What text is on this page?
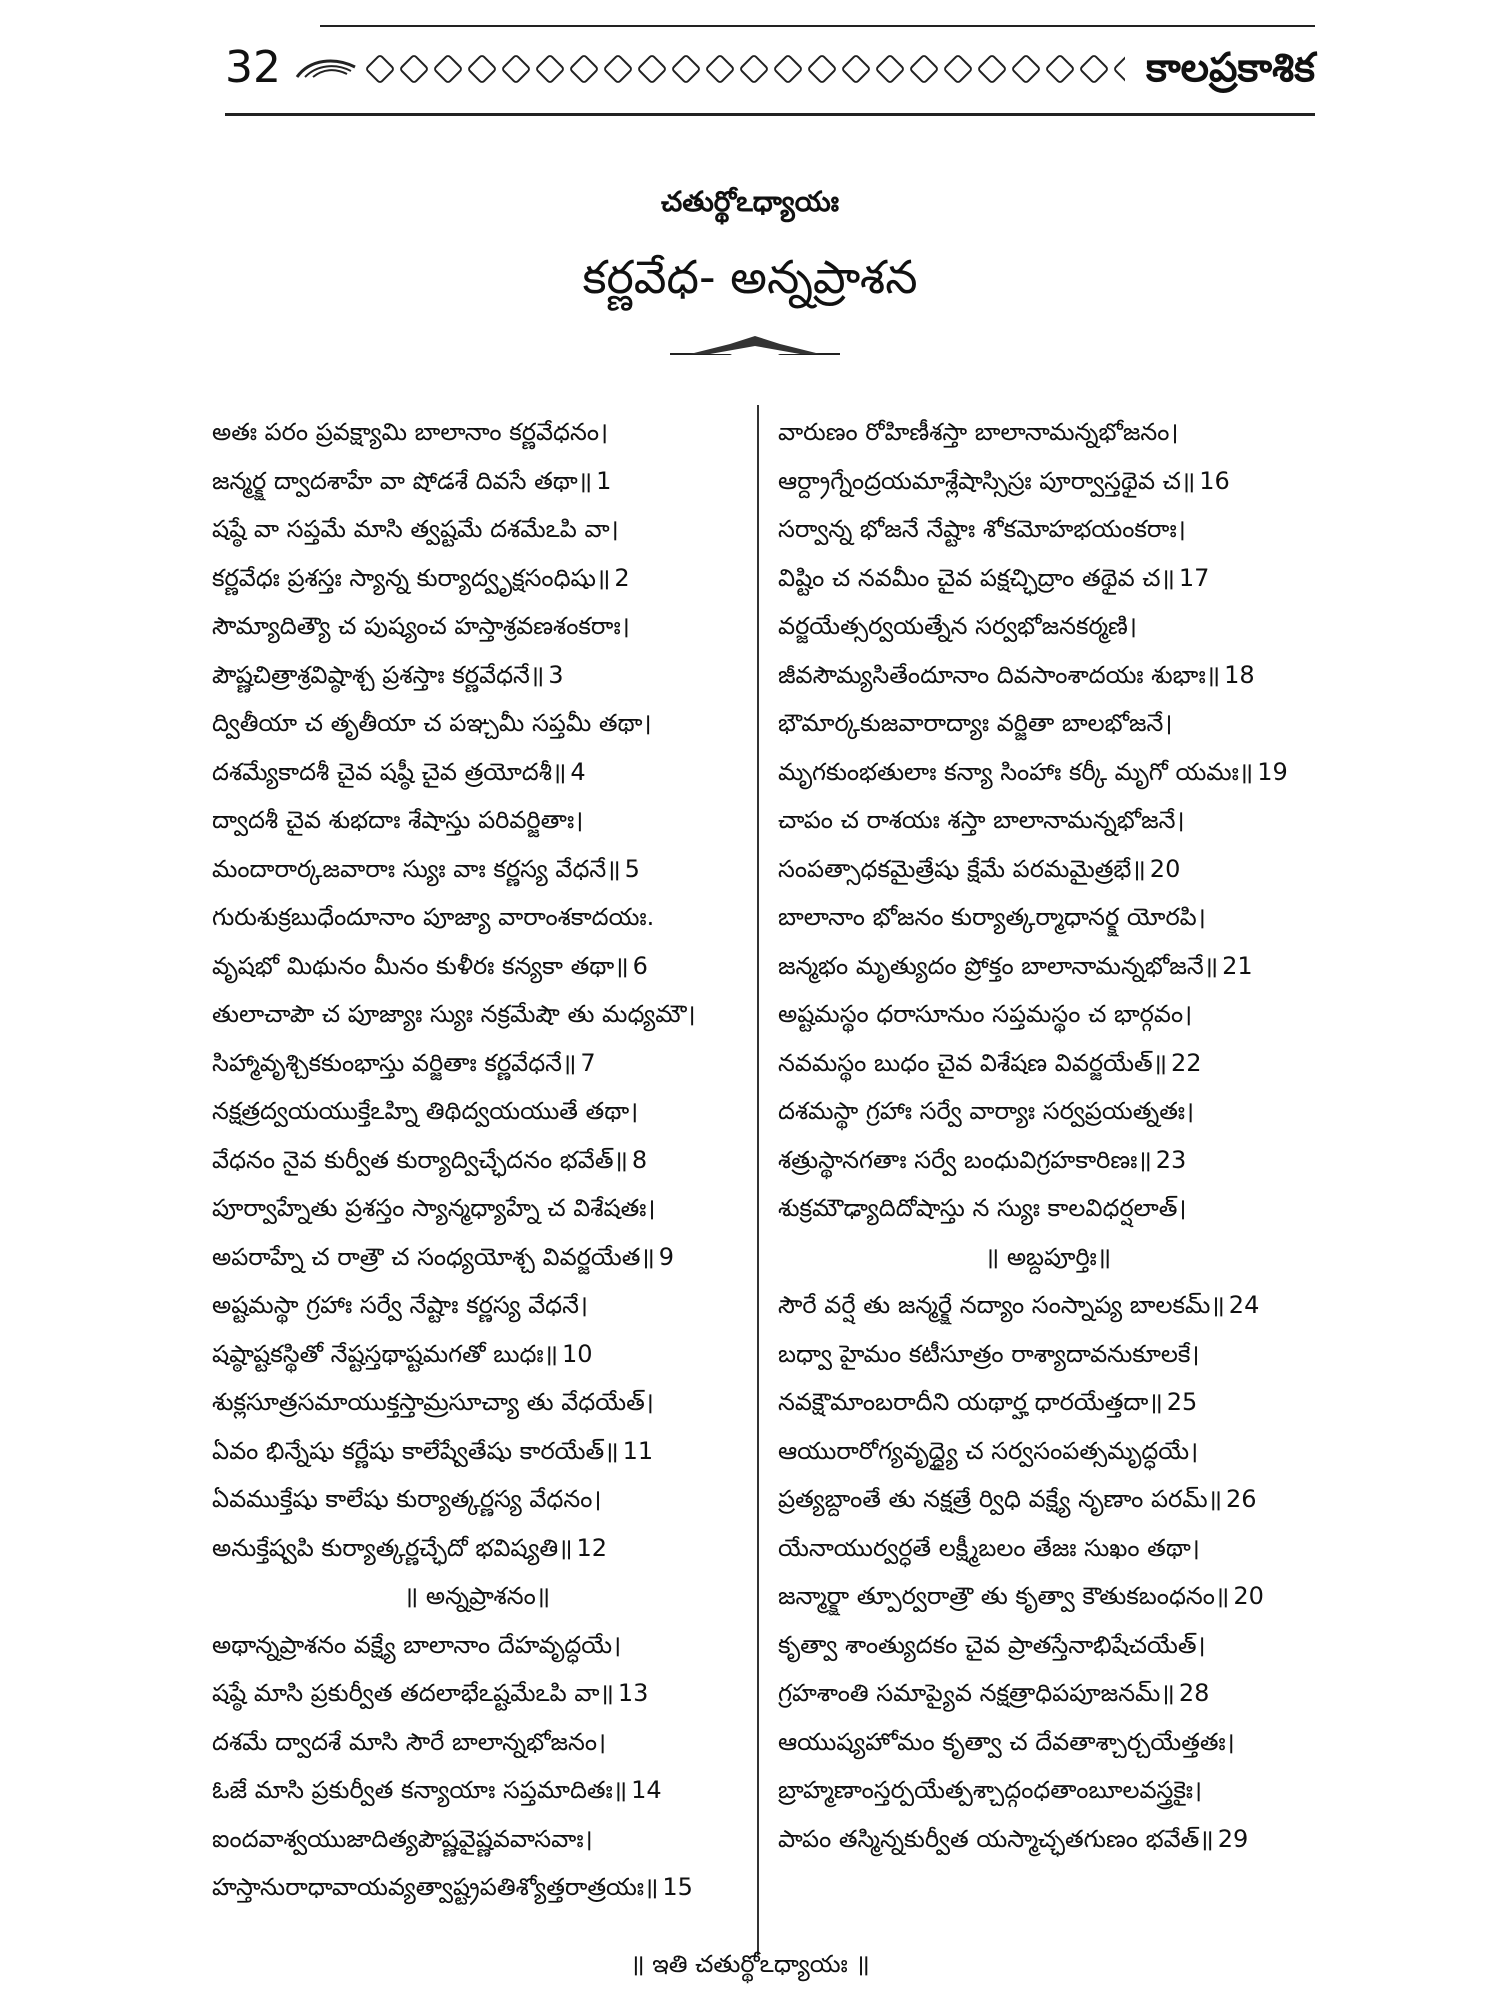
32	కాలప్రకాశిక
చతుర్థోఽధ్యాయః
కర్ణవేధ- అన్నప్రాశన
అతః పరం ప్రవక్ష్యామి బాలానాం కర్ణవేధనం।
జన్మర్క్ష ద్వాదశాహే వా షోడశే దివసే తథా॥ 1
షష్ఠే వా సప్తమే మాసి త్వష్టమే దశమేఽపి వా।
కర్ణవేధః ప్రశస్తః స్యాన్న కుర్యాద్వృక్షసంధిషు॥ 2
సౌమ్యాదిత్యౌ చ పుష్యంచ హస్తాశ్రవణశంకరాః।
పౌష్ణచిత్రాశ్రవిష్ఠాశ్చ ప్రశస్తాః కర్ణవేధనే॥ 3
ద్వితీయా చ తృతీయా చ పఞ్చమీ సప్తమీ తథా।
దశమ్యేకాదశీ చైవ షష్ఠీ చైవ త్రయోదశీ॥ 4
ద్వాదశీ చైవ శుభదాః శేషాస్తు పరివర్జితాః।
మందారార్కజవారాః స్యుః వాః కర్ణస్య వేధనే॥ 5
గురుశుక్రబుధేందూనాం పూజ్యా వారాంశకాదయః.
వృషభో మిథునం మీనం కుళీరః కన్యకా తథా॥ 6
తులాచాపౌ చ పూజ్యాః స్యుః నక్రమేషౌ తు మధ్యమౌ।
సిహ్మావృశ్చికకుంభాస్తు వర్జితాః కర్ణవేధనే॥ 7
నక్షత్రద్వయయుక్తేఽహ్ని తిథిద్వయయుతే తథా।
వేధనం నైవ కుర్వీత కుర్యాద్విచ్ఛేదనం భవేత్॥ 8
పూర్వాహ్నేతు ప్రశస్తం స్యాన్మధ్యాహ్నే చ విశేషతః।
అపరాహ్నే చ రాత్రౌ చ సంధ్యయోశ్చ వివర్జయేత॥ 9
అష్టమస్థా గ్రహాః సర్వే నేష్టాః కర్ణస్య వేధనే।
షష్ఠాష్టకస్థితో నేష్టస్తథాష్టమగతో బుధః॥ 10
శుక్లసూత్రసమాయుక్తస్తామ్రసూచ్యా తు వేధయేత్।
ఏవం భిన్నేషు కర్ణేషు కాలేష్వేతేషు కారయేత్॥ 11
ఏవముక్తేషు కాలేషు కుర్యాత్కర్ణస్య వేధనం।
అనుక్తేష్వపి కుర్యాత్కర్ణచ్ఛేదో భవిష్యతి॥ 12
॥ అన్నప్రాశనం॥
అథాన్నప్రాశనం వక్ష్యే బాలానాం దేహవృద్ధయే।
షష్ఠే మాసి ప్రకుర్వీత తదలాభేఽష్టమేఽపి వా॥ 13
దశమే ద్వాదశే మాసి సౌరే బాలాన్నభోజనం।
ఓజే మాసి ప్రకుర్వీత కన్యాయాః సప్తమాదితః॥ 14
ఐందవాశ్వయుజాదిత్యపౌష్ణవైష్ణవవాసవాః।
హస్తానురాధావాయవ్యత్వాష్ట్రపతిశ్యోత్తరాత్రయః॥ 15
వారుణం రోహిణీశస్తా బాలానామన్నభోజనం।
ఆర్ద్రాగ్నేంద్రయమాశ్లేషాస్సిస్రః పూర్వాస్తథైవ చ॥ 16
సర్వాన్న భోజనే నేష్టాః శోకమోహభయంకరాః।
విష్టిం చ నవమీం చైవ పక్షచ్ఛిద్రాం తథైవ చ॥ 17
వర్జయేత్సర్వయత్నేన సర్వభోజనకర్మణి।
జీవసౌమ్యసితేందూనాం దివసాంశాదయః శుభాః॥ 18
భౌమార్కకుజవారాద్యాః వర్జితా బాలభోజనే।
మృగకుంభతులాః కన్యా సింహాః కర్కీ మృగో యమః॥ 19
చాపం చ రాశయః శస్తా బాలానామన్నభోజనే।
సంపత్సాధకమైత్రేషు క్షేమే పరమమైత్రభే॥ 20
బాలానాం భోజనం కుర్యాత్కర్మాధానర్క్ష యోరపి।
జన్మభం మృత్యుదం ప్రోక్తం బాలానామన్నభోజనే॥ 21
అష్టమస్థం ధరాసూనుం సప్తమస్థం చ భార్గవం।
నవమస్థం బుధం చైవ విశేషణ వివర్జయేత్॥ 22
దశమస్థా గ్రహాః సర్వే వార్యాః సర్వప్రయత్నతః।
శత్రుస్థానగతాః సర్వే బంధువిగ్రహకారిణః॥ 23
శుక్రమౌఢ్యాదిదోషాస్తు న స్యుః కాలవిధర్షలాత్।
॥ అబ్దపూర్తిః॥
సౌరే వర్షే తు జన్మర్క్షే నద్యాం సంస్నాప్య బాలకమ్॥ 24
బధ్వా హైమం కటీసూత్రం రాశ్యాదావనుకూలకే।
నవక్షౌమాంబరాదీని యథార్హ ధారయేత్తదా॥ 25
ఆయురారోగ్యవృద్ధ్యై చ సర్వసంపత్సమృద్ధయే।
ప్రత్యబ్దాంతే తు నక్షత్రే ర్విధి వక్ష్యే నృణాం పరమ్॥ 26
యేనాయుర్వర్ధతే లక్ష్మీబలం తేజః సుఖం తథా।
జన్మార్క్షా త్పూర్వరాత్రౌ తు కృత్వా కౌతుకబంధనం॥ 20
కృత్వా శాంత్యుదకం చైవ ప్రాతస్తేనాభిషేచయేత్।
గ్రహశాంతి సమాప్యైవ నక్షత్రాధిపపూజనమ్॥ 28
ఆయుష్యహోమం కృత్వా చ దేవతాశ్చార్చయేత్తతః।
బ్రాహ్మణాంస్తర్పయేత్పశ్చాద్గంధతాంబూలవస్త్రకైః।
పాపం తస్మిన్నకుర్వీత యస్మాచ్ఛతగుణం భవేత్॥ 29
॥ ఇతి చతుర్థోఽధ్యాయః ॥
